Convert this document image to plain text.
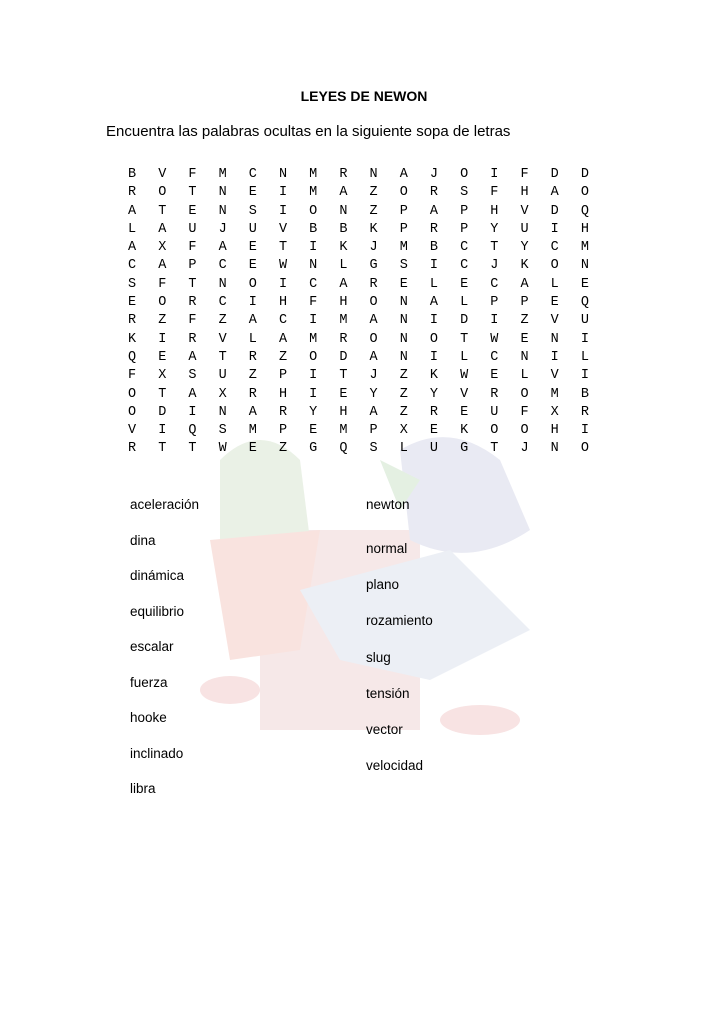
LEYES DE NEWON
Encuentra las palabras ocultas en la siguiente sopa de letras
B V F M C N M R N A J O I F D D
R O T N E I M A Z O R S F H A O
A T E N S I O N Z P A P H V D Q
L A U J U V B B K P R P Y U I H
A X F A E T I K J M B C T Y C M
C A P C E W N L G S I C J K O N
S F T N O I C A R E L E C A L E
E O R C I H F H O N A L P P E Q
R Z F Z A C I M A N I D I Z V U
K I R V L A M R O N O T W E N I
Q E A T R Z O D A N I L C N I L
F X S U Z P I T J Z K W E L V I
O T A X R H I E Y Z Y V R O M B
O D I N A R Y H A Z R E U F X R
V I Q S M P E M P X E K O O H I
R T T W E Z G Q S L U G T J N O
aceleración
dina
dinámica
equilibrio
escalar
fuerza
hooke
inclinado
libra
newton
normal
plano
rozamiento
slug
tensión
vector
velocidad
